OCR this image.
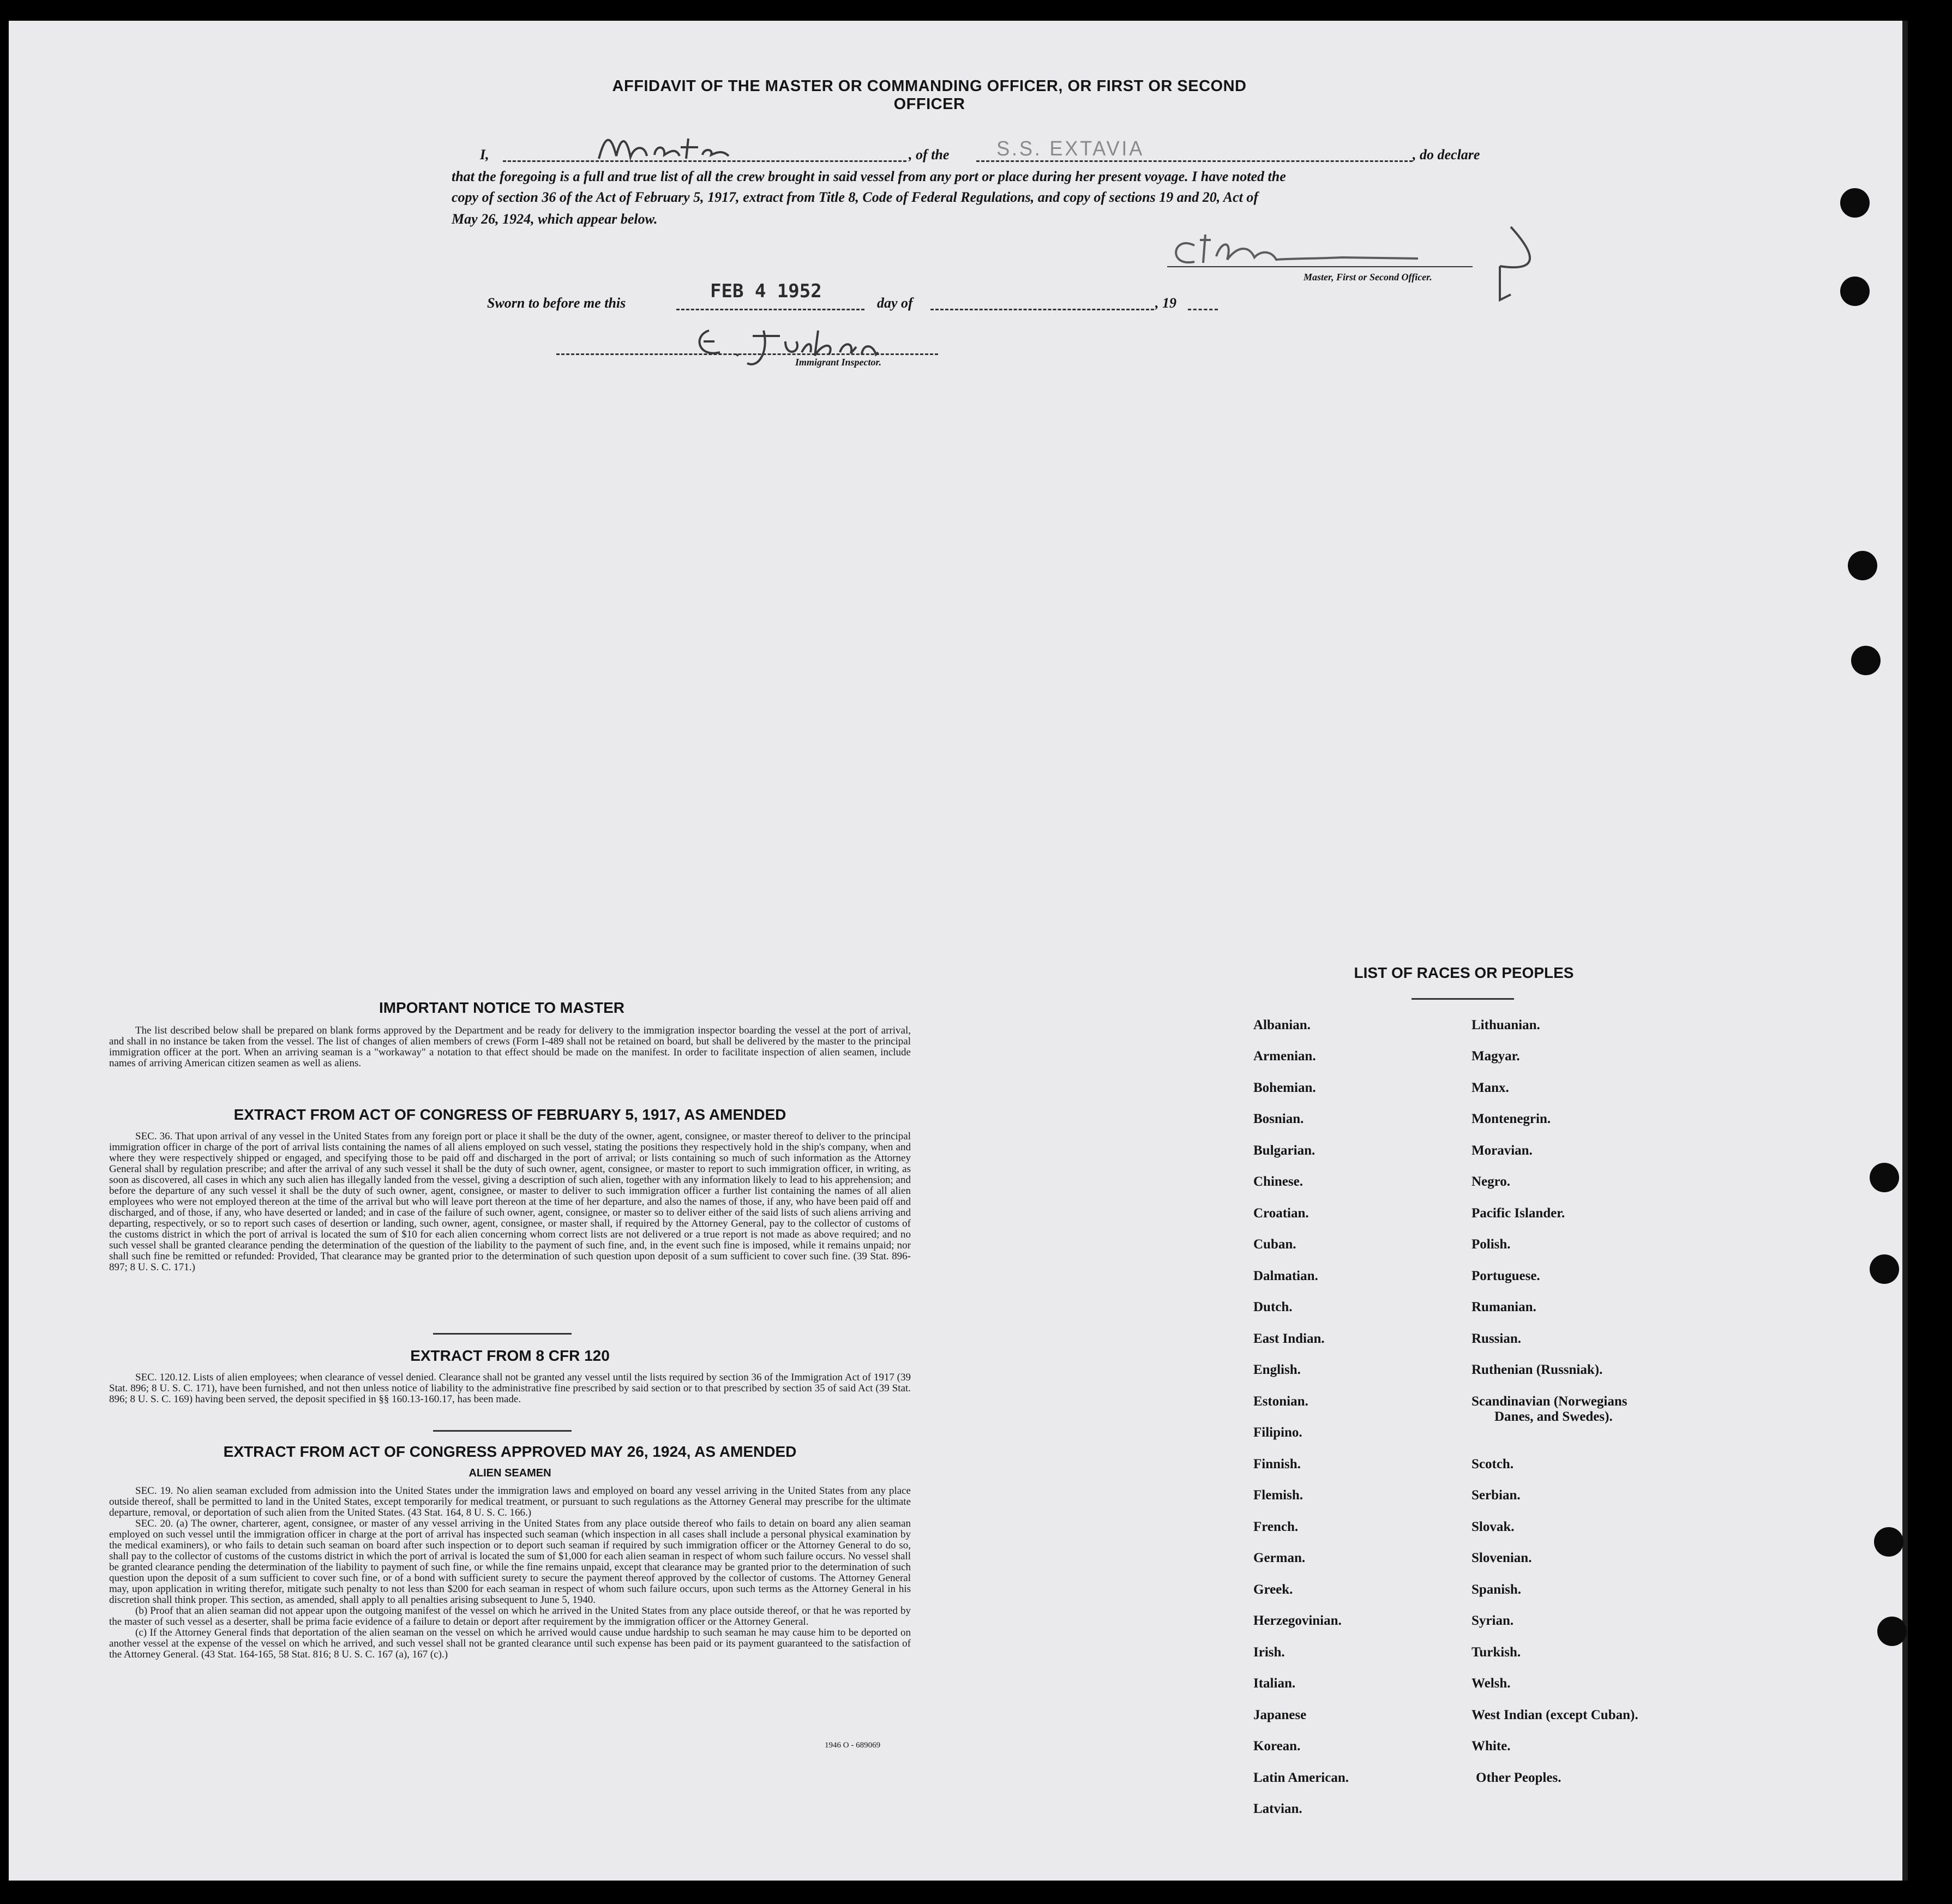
AFFIDAVIT OF THE MASTER OR COMMANDING OFFICER, OR FIRST OR SECOND OFFICER
I,	, of the S.S. EXTAVIA	, do declare
that the foregoing is a full and true list of all the crew brought in said vessel from any port or place during her present voyage. I have noted the
copy of section 36 of the Act of February 5, 1917, extract from Title 8, Code of Federal Regulations, and copy of sections 19 and 20, Act of
May 26, 1924, which appear below.
Master, First or Second Officer.
Sworn to before me this
FEB 4 1952
day of	, 19
Immigrant Inspector.
IMPORTANT NOTICE TO MASTER

The list described below shall be prepared on blank forms approved by the Department and be ready for delivery to the immigration inspector boarding the vessel at the port of arrival, and shall in no instance be taken from the vessel. The list of changes of alien members of crews (Form I-489 shall not be retained on board, but shall be delivered by the master to the principal immigration officer at the port. When an arriving seaman is a "workaway" a notation to that effect should be made on the manifest. In order to facilitate inspection of alien seamen, include names of arriving American citizen seamen as well as aliens.

EXTRACT FROM ACT OF CONGRESS OF FEBRUARY 5, 1917, AS AMENDED

SEC. 36. That upon arrival of any vessel in the United States from any foreign port or place it shall be the duty of the owner, agent, consignee, or master thereof to deliver to the principal immigration officer in charge of the port of arrival lists containing the names of all aliens employed on such vessel, stating the positions they respectively hold in the ship's company, when and where they were respectively shipped or engaged, and specifying those to be paid off and discharged in the port of arrival; or lists containing so much of such information as the Attorney General shall by regulation prescribe; and after the arrival of any such vessel it shall be the duty of such owner, agent, consignee, or master to report to such immigration officer, in writing, as soon as discovered, all cases in which any such alien has illegally landed from the vessel, giving a description of such alien, together with any information likely to lead to his apprehension; and before the departure of any such vessel it shall be the duty of such owner, agent, consignee, or master to deliver to such immigration officer a further list containing the names of all alien employees who were not employed thereon at the time of the arrival but who will leave port thereon at the time of her departure, and also the names of those, if any, who have been paid off and discharged, and of those, if any, who have deserted or landed; and in case of the failure of such owner, agent, consignee, or master so to deliver either of the said lists of such aliens arriving and departing, respectively, or so to report such cases of desertion or landing, such owner, agent, consignee, or master shall, if required by the Attorney General, pay to the collector of customs of the customs district in which the port of arrival is located the sum of $10 for each alien concerning whom correct lists are not delivered or a true report is not made as above required; and no such vessel shall be granted clearance pending the determination of the question of the liability to the payment of such fine, and, in the event such fine is imposed, while it remains unpaid; nor shall such fine be remitted or refunded: Provided, That clearance may be granted prior to the determination of such question upon deposit of a sum sufficient to cover such fine. (39 Stat. 896-897; 8 U. S. C. 171.)

EXTRACT FROM 8 CFR 120

SEC. 120.12. Lists of alien employees; when clearance of vessel denied. Clearance shall not be granted any vessel until the lists required by section 36 of the Immigration Act of 1917 (39 Stat. 896; 8 U. S. C. 171), have been furnished, and not then unless notice of liability to the administrative fine prescribed by said section or to that prescribed by section 35 of said Act (39 Stat. 896; 8 U. S. C. 169) having been served, the deposit specified in §§ 160.13-160.17, has been made.

EXTRACT FROM ACT OF CONGRESS APPROVED MAY 26, 1924, AS AMENDED
ALIEN SEAMEN

SEC. 19. No alien seaman excluded from admission into the United States under the immigration laws and employed on board any vessel arriving in the United States from any place outside thereof, shall be permitted to land in the United States, except temporarily for medical treatment, or pursuant to such regulations as the Attorney General may prescribe for the ultimate departure, removal, or deportation of such alien from the United States. (43 Stat. 164, 8 U. S. C. 166.)

SEC. 20. (a) The owner, charterer, agent, consignee, or master of any vessel arriving in the United States from any place outside thereof who fails to detain on board any alien seaman employed on such vessel until the immigration officer in charge at the port of arrival has inspected such seaman (which inspection in all cases shall include a personal physical examination by the medical examiners), or who fails to detain such seaman on board after such inspection or to deport such seaman if required by such immigration officer or the Attorney General to do so, shall pay to the collector of customs of the customs district in which the port of arrival is located the sum of $1,000 for each alien seaman in respect of whom such failure occurs. No vessel shall be granted clearance pending the determination of the liability to payment of such fine, or while the fine remains unpaid, except that clearance may be granted prior to the determination of such question upon the deposit of a sum sufficient to cover such fine, or of a bond with sufficient surety to secure the payment thereof approved by the collector of customs. The Attorney General may, upon application in writing therefor, mitigate such penalty to not less than $200 for each seaman in respect of whom such failure occurs, upon such terms as the Attorney General in his discretion shall think proper. This section, as amended, shall apply to all penalties arising subsequent to June 5, 1940.

(b) Proof that an alien seaman did not appear upon the outgoing manifest of the vessel on which he arrived in the United States from any place outside thereof, or that he was reported by the master of such vessel as a deserter, shall be prima facie evidence of a failure to detain or deport after requirement by the immigration officer or the Attorney General.

(c) If the Attorney General finds that deportation of the alien seaman on the vessel on which he arrived would cause undue hardship to such seaman he may cause him to be deported on another vessel at the expense of the vessel on which he arrived, and such vessel shall not be granted clearance until such expense has been paid or its payment guaranteed to the satisfaction of the Attorney General. (43 Stat. 164-165, 58 Stat. 816; 8 U. S. C. 167 (a), 167 (c).)

1946 O - 689069
LIST OF RACES OR PEOPLES
Albanian.
Armenian.
Bohemian.
Bosnian.
Bulgarian.
Chinese.
Croatian.
Cuban.
Dalmatian.
Dutch.
East Indian.
English.
Estonian.
Filipino.
Finnish.
Flemish.
French.
German.
Greek.
Herzegovinian.
Irish.
Italian.
Japanese
Korean.
Latin American.
Latvian.
Lithuanian.
Magyar.
Manx.
Montenegrin.
Moravian.
Negro.
Pacific Islander.
Polish.
Portuguese.
Rumanian.
Russian.
Ruthenian (Russniak).
Scandinavian (Norwegians
Danes, and Swedes).
Scotch.
Serbian.
Slovak.
Slovenian.
Spanish.
Syrian.
Turkish.
Welsh.
West Indian (except Cuban).
White.
Other Peoples.
